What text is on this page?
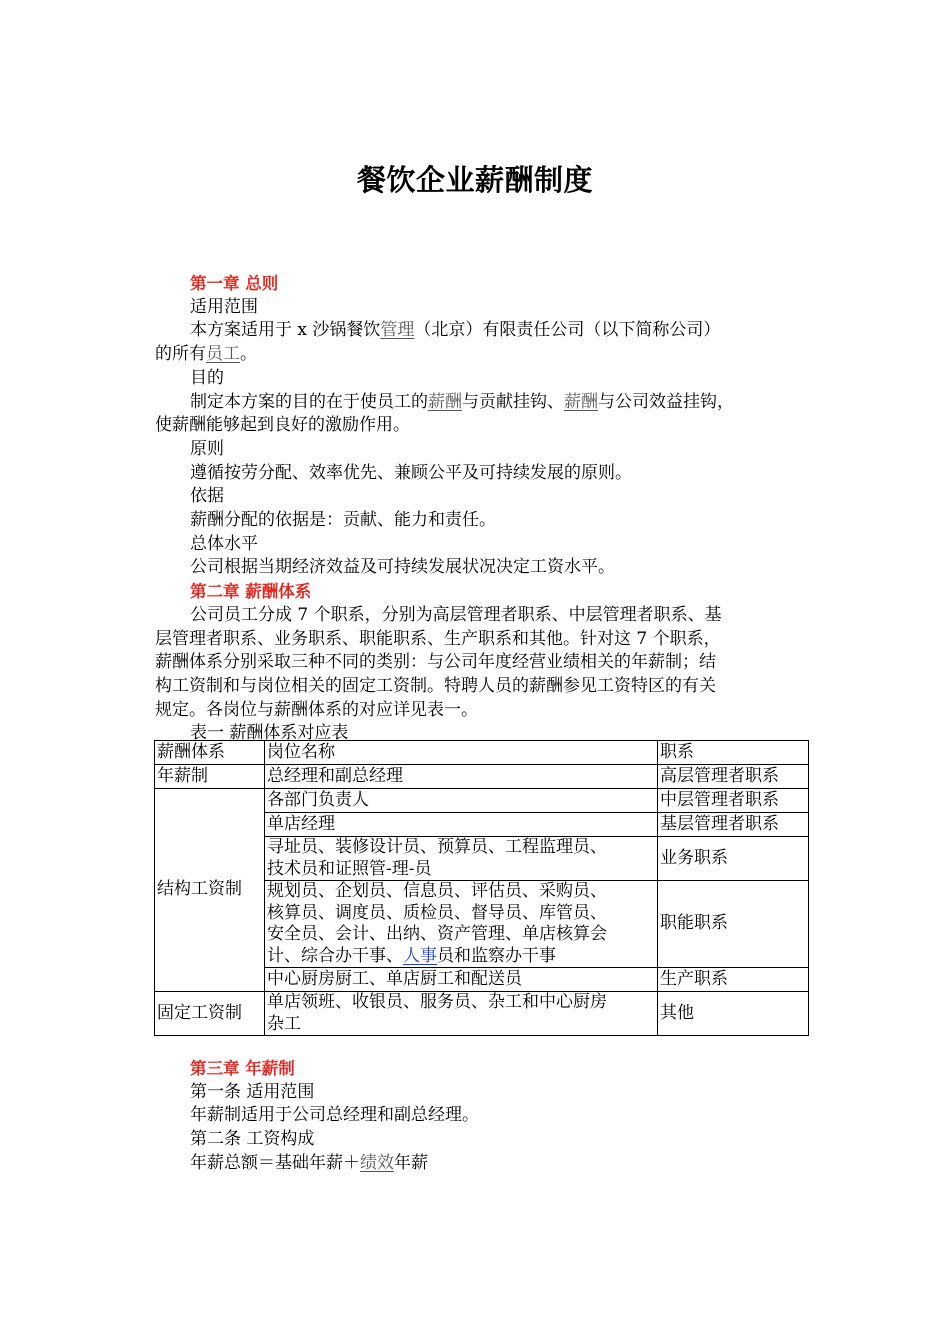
餐饮企业薪酬制度
第一章 总则
适用范围
本方案适用于 x 沙锅餐饮管理（北京）有限责任公司（以下简称公司）
的所有员工。
目的
制定本方案的目的在于使员工的薪酬与贡献挂钩、薪酬与公司效益挂钩，
使薪酬能够起到良好的激励作用。
原则
遵循按劳分配、效率优先、兼顾公平及可持续发展的原则。
依据
薪酬分配的依据是：贡献、能力和责任。
总体水平
公司根据当期经济效益及可持续发展状况决定工资水平。
第二章 薪酬体系
公司员工分成 7 个职系，分别为高层管理者职系、中层管理者职系、基
层管理者职系、业务职系、职能职系、生产职系和其他。针对这 7 个职系，
薪酬体系分别采取三种不同的类别：与公司年度经营业绩相关的年薪制；结
构工资制和与岗位相关的固定工资制。特聘人员的薪酬参见工资特区的有关
规定。各岗位与薪酬体系的对应详见表一。
表一 薪酬体系对应表
薪酬体系	岗位名称	职系
年薪制	总经理和副总经理	高层管理者职系
结构工资制	各部门负责人	中层管理者职系
	单店经理	基层管理者职系

	寻址员、装修设计员、预算员、工程监理员、
技术员和证照管-理-员	业务职系

	规划员、企划员、信息员、评估员、采购员、
核算员、调度员、质检员、督导员、库管员、
安全员、会计、出纳、资产管理、单店核算会
计、综合办干事、人事员和监察办干事	职能职系
	中心厨房厨工、单店厨工和配送员	生产职系
固定工资制	单店领班、收银员、服务员、杂工和中心厨房
杂工	其他
第三章 年薪制
第一条 适用范围
年薪制适用于公司总经理和副总经理。
第二条 工资构成
年薪总额＝基础年薪＋绩效年薪
